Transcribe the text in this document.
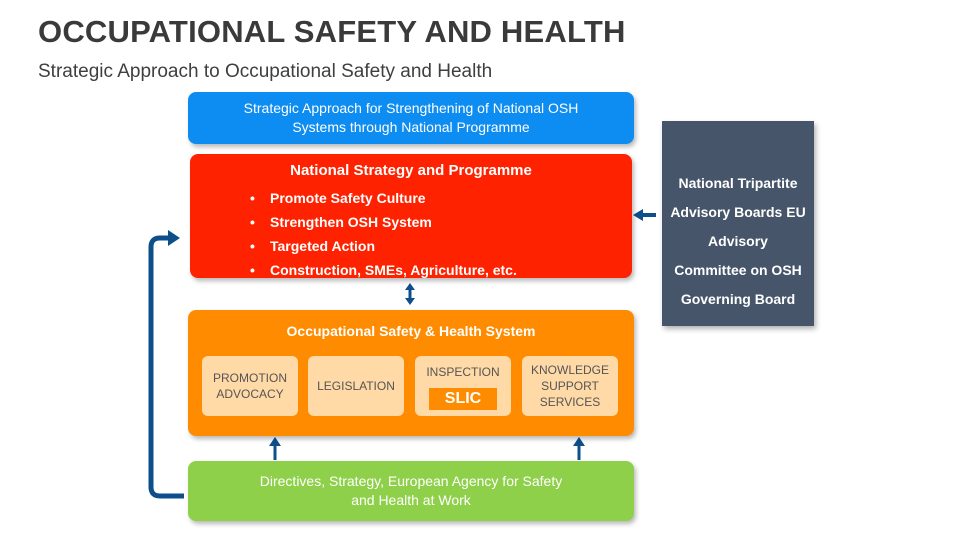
OCCUPATIONAL SAFETY AND HEALTH
Strategic Approach to Occupational Safety and Health
Strategic Approach for Strengthening of National OSH Systems through National Programme
National Strategy and Programme
• Promote Safety Culture
• Strengthen OSH System
• Targeted Action
• Construction, SMEs, Agriculture, etc.
Occupational Safety & Health System
PROMOTION
ADVOCACY
LEGISLATION
INSPECTION
SLIC
KNOWLEDGE
SUPPORT
SERVICES
Directives, Strategy, European Agency for Safety and Health at Work
National Tripartite
Advisory Boards EU
Advisory
Committee on OSH
Governing Board
